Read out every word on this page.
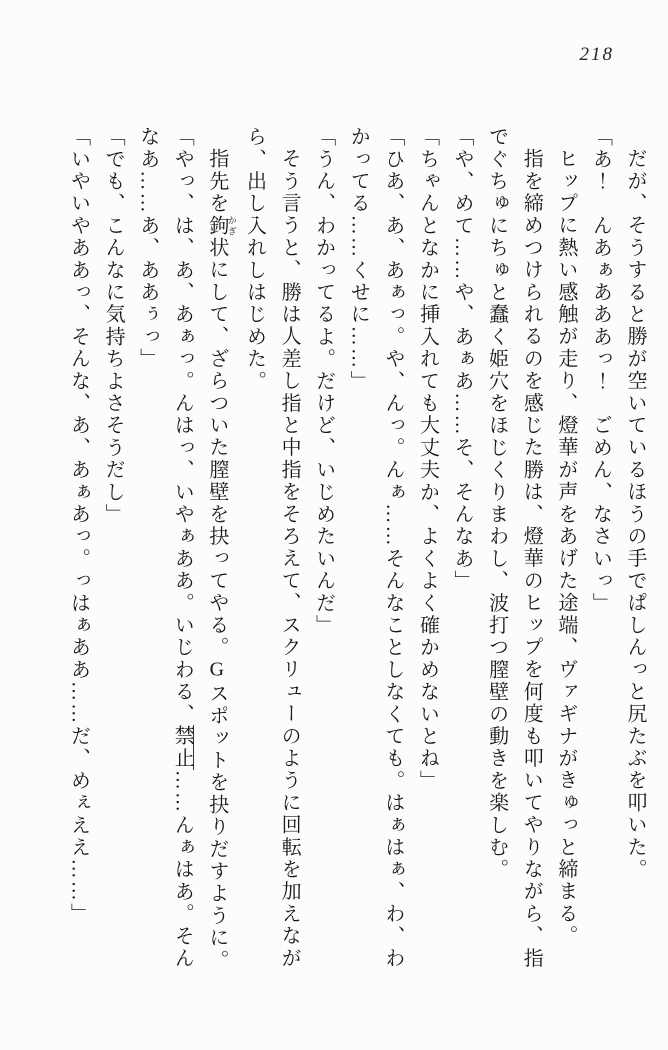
218

だが、そうすると勝が空いているほうの手でぱしんっと尻たぶを叩いた。

「あ！　んあぁあああっ！　ごめん、なさいっ」

ヒップに熱い感触が走り、燈華が声をあげた途端、ヴァギナがきゅっと締まる。

指を締めつけられるのを感じた勝は、燈華のヒップを何度も叩いてやりながら、指

でぐちゅにちゅと蠢く姫穴をほじくりまわし、波打つ膣壁の動きを楽しむ。

「や、めて……や、あぁあ……そ、そんなあ」

「ちゃんとなかに挿入れても大丈夫か、よくよく確かめないとね」

「ひあ、あ、あぁっ。や、んっ。んぁ……そんなことしなくても。はぁはぁ、わ、わ

かってる……くせに……」

「うん、わかってるよ。だけど、いじめたいんだ」

そう言うと、勝は人差し指と中指をそろえて、スクリューのように回転を加えなが

ら、出し入れしはじめた。

指先を鉤 かぎ状にして、ざらついた膣壁を抉ってやる。Gスポットを抉りだすように。

「やっ、は、あ、あぁっ。んはっ、いやぁああ。いじわる、禁止……んぁはあ。そん

なあ……あ、ああぅっ」

「でも、こんなに気持ちよさそうだし」

「いやいやああっ、そんな、あ、あぁあっ。っはぁああ……だ、めぇええ……」
